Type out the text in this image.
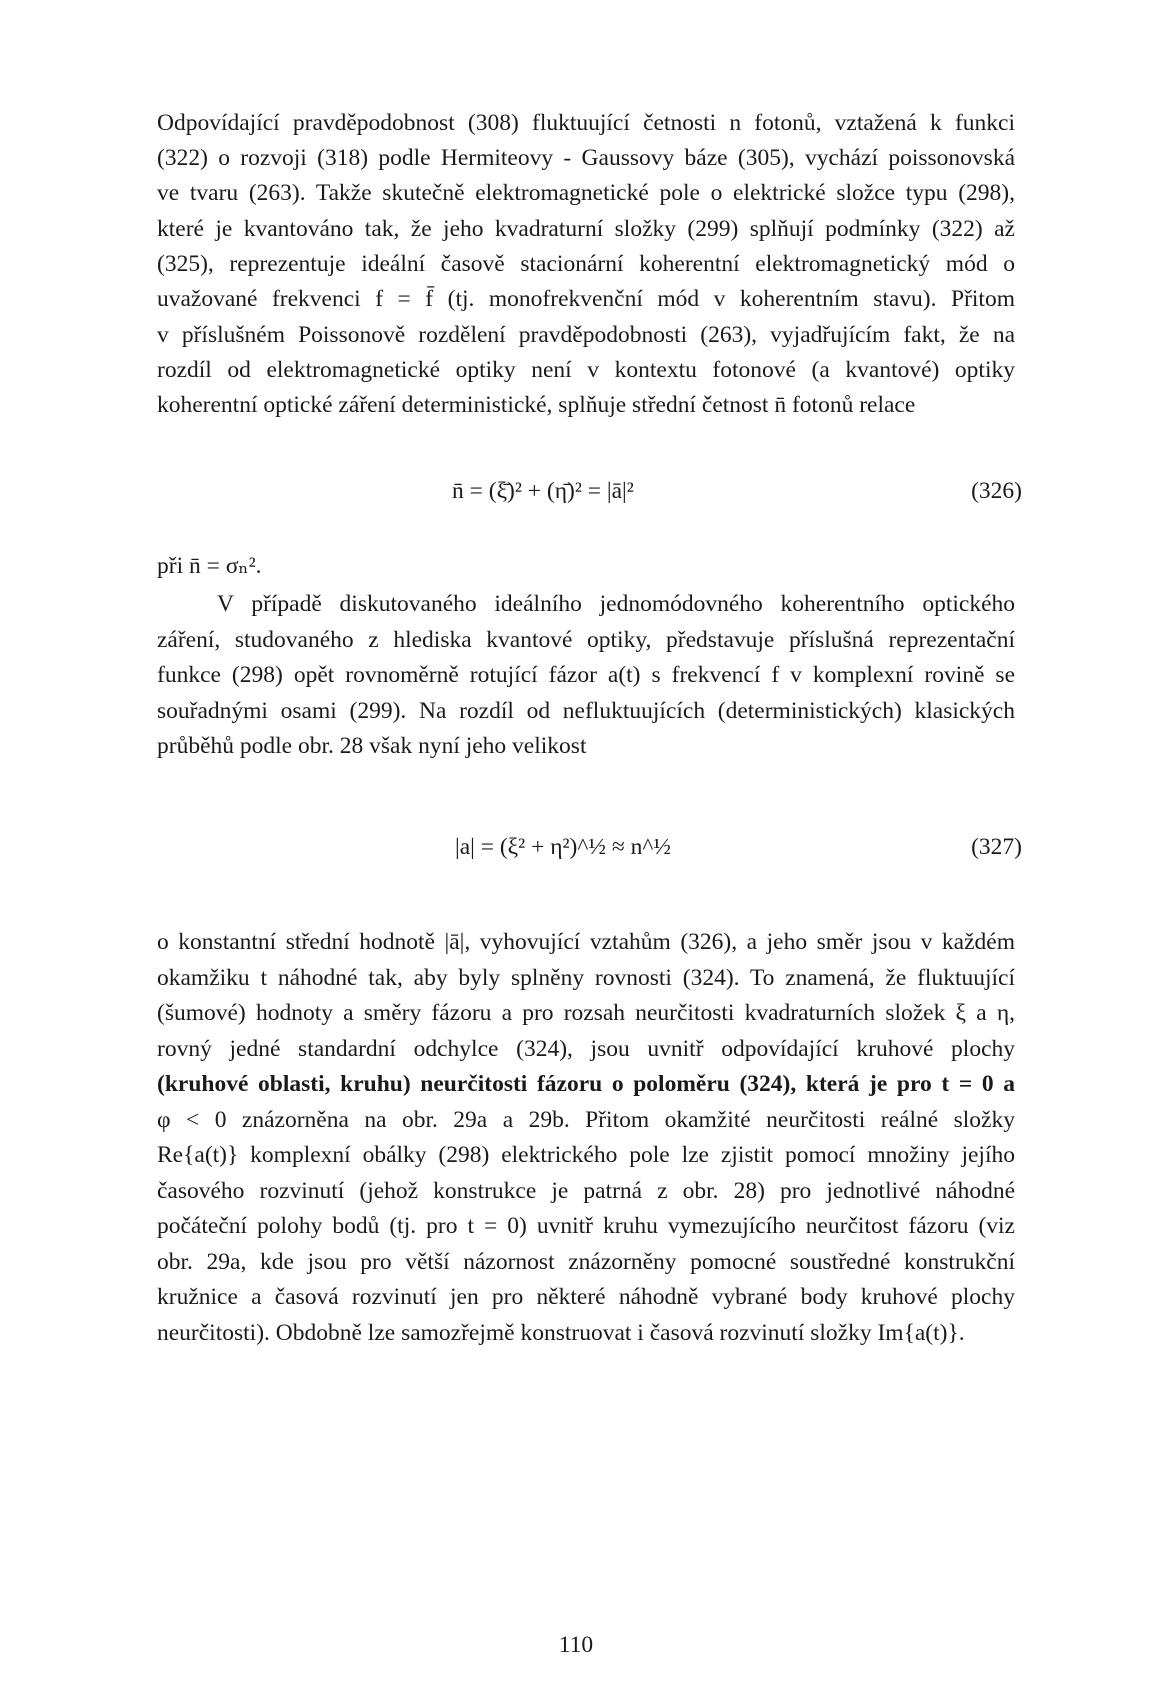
Odpovídající pravděpodobnost (308) fluktuující četnosti n fotonů, vztažená k funkci
(322) o rozvoji (318) podle Hermiteovy - Gaussovy báze (305), vychází poissonovská
ve tvaru (263). Takže skutečně elektromagnetické pole o elektrické složce typu (298),
které je kvantováno tak, že jeho kvadraturní složky (299) splňují podmínky (322) až
(325), reprezentuje ideální časově stacionární koherentní elektromagnetický mód o
uvažované frekvenci f = f̄ (tj. monofrekvenční mód v koherentním stavu). Přitom
v příslušném Poissonově rozdělení pravděpodobnosti (263), vyjadřujícím fakt, že na
rozdíl od elektromagnetické optiky není v kontextu fotonové (a kvantové) optiky
koherentní optické záření deterministické, splňuje střední četnost n̄ fotonů relace
n̄ = (ξ̄)² + (η̄)² = |ā|²	(326)
při n̄ = σₙ².
V případě diskutovaného ideálního jednomódovného koherentního optického
záření, studovaného z hlediska kvantové optiky, představuje příslušná reprezentační
funkce (298) opět rovnoměrně rotující fázor a(t) s frekvencí f v komplexní rovině se
souřadnými osami (299). Na rozdíl od nefluktuujících (deterministických) klasických
průběhů podle obr. 28 však nyní jeho velikost
|a| = (ξ² + η²)^½ ≈ n^½	(327)
o konstantní střední hodnotě |ā|, vyhovující vztahům (326), a jeho směr jsou v každém
okamžiku t náhodné tak, aby byly splněny rovnosti (324). To znamená, že fluktuující
(šumové) hodnoty a směry fázoru a pro rozsah neurčitosti kvadraturních složek ξ a η,
rovný jedné standardní odchylce (324), jsou uvnitř odpovídající kruhové plochy
(kruhové oblasti, kruhu) neurčitosti fázoru o poloměru (324), která je pro t = 0 a
φ < 0 znázorněna na obr. 29a a 29b. Přitom okamžité neurčitosti reálné složky
Re{a(t)} komplexní obálky (298) elektrického pole lze zjistit pomocí množiny jejího
časového rozvinutí (jehož konstrukce je patrná z obr. 28) pro jednotlivé náhodné
počáteční polohy bodů (tj. pro t = 0) uvnitř kruhu vymezujícího neurčitost fázoru (viz
obr. 29a, kde jsou pro větší názornost znázorněny pomocné soustředné konstrukční
kružnice a časová rozvinutí jen pro některé náhodně vybrané body kruhové plochy
neurčitosti). Obdobně lze samozřejmě konstruovat i časová rozvinutí složky Im{a(t)}.
110
